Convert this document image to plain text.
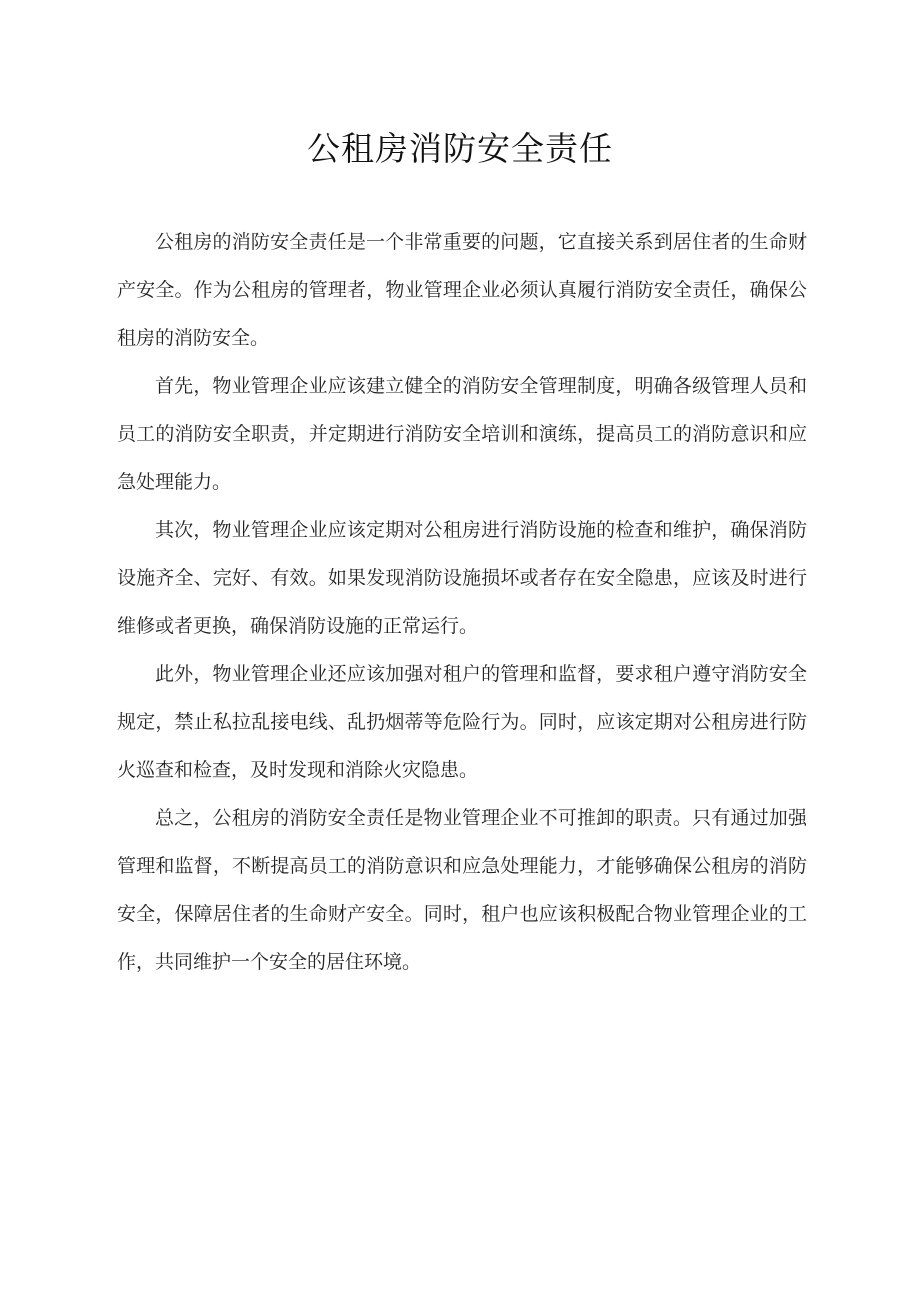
公租房消防安全责任

公租房的消防安全责任是一个非常重要的问题，它直接关系到居住者的生命财产安全。作为公租房的管理者，物业管理企业必须认真履行消防安全责任，确保公租房的消防安全。

首先，物业管理企业应该建立健全的消防安全管理制度，明确各级管理人员和员工的消防安全职责，并定期进行消防安全培训和演练，提高员工的消防意识和应急处理能力。

其次，物业管理企业应该定期对公租房进行消防设施的检查和维护，确保消防设施齐全、完好、有效。如果发现消防设施损坏或者存在安全隐患，应该及时进行维修或者更换，确保消防设施的正常运行。

此外，物业管理企业还应该加强对租户的管理和监督，要求租户遵守消防安全规定，禁止私拉乱接电线、乱扔烟蒂等危险行为。同时，应该定期对公租房进行防火巡查和检查，及时发现和消除火灾隐患。

总之，公租房的消防安全责任是物业管理企业不可推卸的职责。只有通过加强管理和监督，不断提高员工的消防意识和应急处理能力，才能够确保公租房的消防安全，保障居住者的生命财产安全。同时，租户也应该积极配合物业管理企业的工作，共同维护一个安全的居住环境。
